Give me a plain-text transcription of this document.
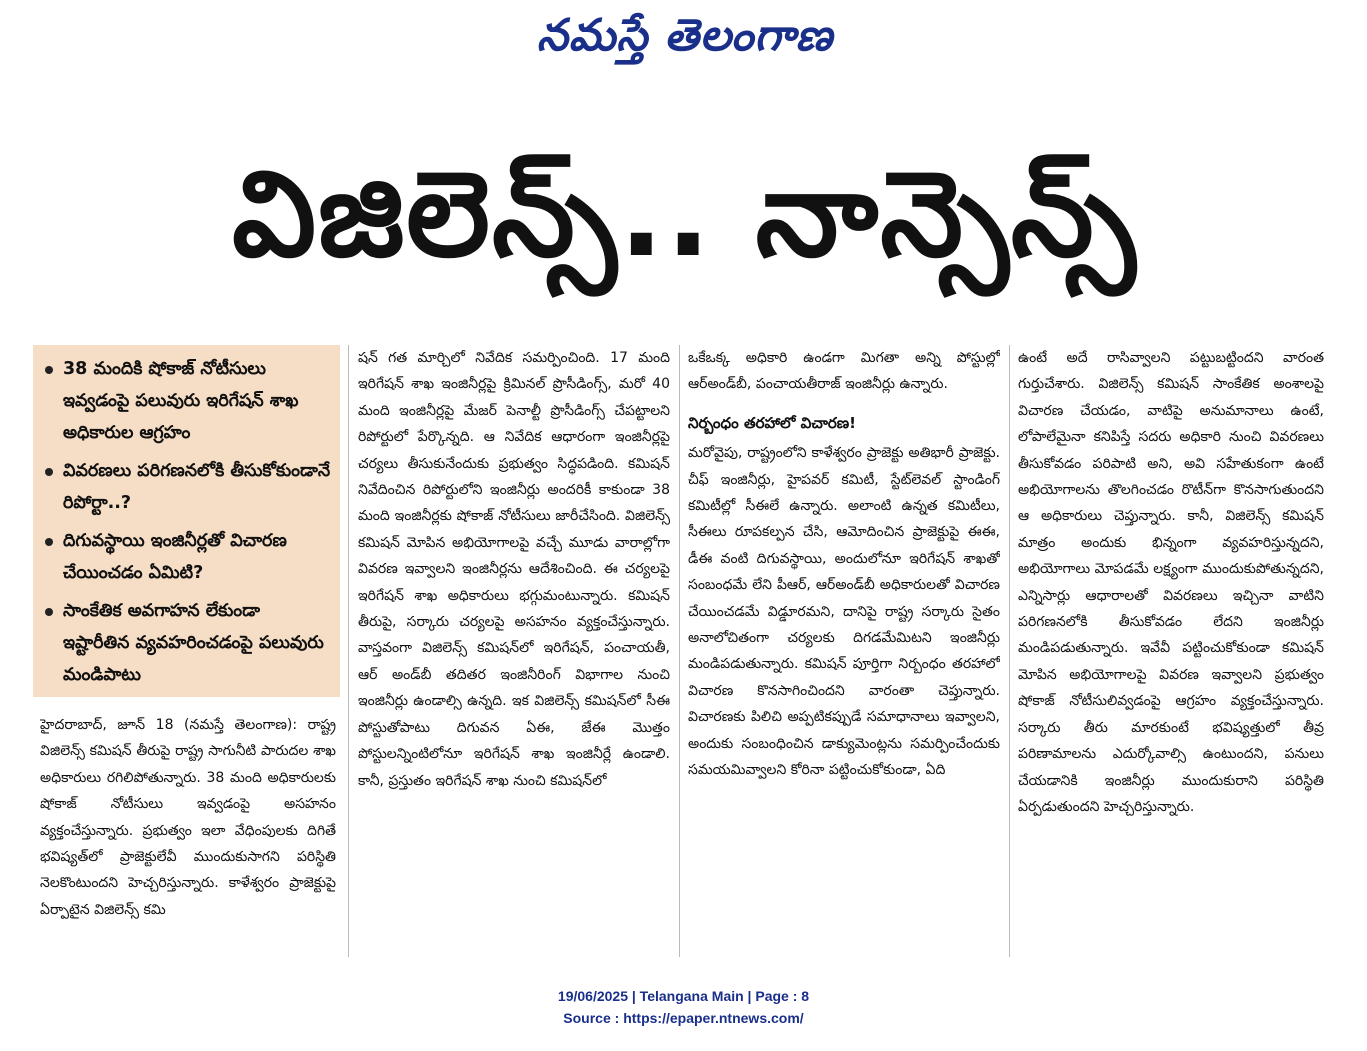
నమస్తే తెలంగాణ
విజిలెన్స్.. నాన్సెన్స్
38 మందికి షోకాజ్ నోటీసులు ఇవ్వడంపై పలువురు ఇరిగేషన్ శాఖ అధికారుల ఆగ్రహం
వివరణలు పరిగణనలోకి తీసుకోకుండానే రిపోర్టా..?
దిగువస్థాయి ఇంజినీర్లతో విచారణ చేయించడం ఏమిటి?
సాంకేతిక అవగాహన లేకుండా ఇష్టారీతిన వ్యవహరించడంపై పలువురు మండిపాటు

హైదరాబాద్, జూన్ 18 (నమస్తే తెలంగాణ): రాష్ట్ర విజిలెన్స్ కమిషన్ తీరుపై రాష్ట్ర సాగునీటి పారుదల శాఖ అధికారులు రగిలిపోతున్నారు. 38 మంది అధికారులకు షోకాజ్ నోటీసులు ఇవ్వడంపై అసహనం వ్యక్తంచేస్తున్నారు. ప్రభుత్వం ఇలా వేధింపులకు దిగితే భవిష్యత్‌లో ప్రాజెక్టులేవీ ముందుకుసాగని పరిస్థితి నెలకొంటుందని హెచ్చరిస్తున్నారు. కాళేశ్వరం ప్రాజెక్టుపై ఏర్పాటైన విజిలెన్స్ కమి

షన్ గత మార్చిలో నివేదిక సమర్పించింది. 17 మంది ఇరిగేషన్ శాఖ ఇంజినీర్లపై క్రిమినల్ ప్రొసీడింగ్స్, మరో 40 మంది ఇంజినీర్లపై మేజర్ పెనాల్టీ ప్రొసీడింగ్స్ చేపట్టాలని రిపోర్టులో పేర్కొన్నది. ఆ నివేదిక ఆధారంగా ఇంజినీర్లపై చర్యలు తీసుకునేందుకు ప్రభుత్వం సిద్ధపడింది. కమిషన్ నివేదించిన రిపోర్టులోని ఇంజినీర్లు అందరికీ కాకుండా 38 మంది ఇంజినీర్లకు షోకాజ్ నోటీసులు జారీచేసింది. విజిలెన్స్ కమిషన్ మోపిన అభియోగాలపై వచ్చే మూడు వారాల్లోగా వివరణ ఇవ్వాలని ఇంజినీర్లను ఆదేశించింది. ఈ చర్యలపై ఇరిగేషన్ శాఖ అధికారులు భగ్గుమంటున్నారు. కమిషన్ తీరుపై, సర్కారు చర్యలపై అసహనం వ్యక్తంచేస్తున్నారు. వాస్తవంగా విజిలెన్స్ కమిషన్‌లో ఇరిగేషన్, పంచాయతీ, ఆర్ అండ్‌బీ తదితర ఇంజినీరింగ్ విభాగాల నుంచి ఇంజినీర్లు ఉండాల్సి ఉన్నది. ఇక విజిలెన్స్ కమిషన్‌లో సీఈ పోస్టుతోపాటు దిగువన ఏఈ, జేఈ మొత్తం పోస్టులన్నింటిలోనూ ఇరిగేషన్ శాఖ ఇంజినీర్లే ఉండాలి. కానీ, ప్రస్తుతం ఇరిగేషన్ శాఖ నుంచి కమిషన్‌లో

ఒకేఒక్క అధికారి ఉండగా మిగతా అన్ని పోస్టుల్లో ఆర్అండ్‌బీ, పంచాయతీరాజ్ ఇంజినీర్లు ఉన్నారు.

నిర్బంధం తరహాలో విచారణ!

మరోవైపు, రాష్ట్రంలోని కాళేశ్వరం ప్రాజెక్టు అతిభారీ ప్రాజెక్టు. చీఫ్ ఇంజినీర్లు, హైపవర్ కమిటీ, స్టేట్‌లెవల్ స్టాండింగ్ కమిటీల్లో సీఈలే ఉన్నారు. అలాంటి ఉన్నత కమిటీలు, సీఈలు రూపకల్పన చేసి, ఆమోదించిన ప్రాజెక్టుపై ఈఈ, డీఈ వంటి దిగువస్థాయి, అందులోనూ ఇరిగేషన్ శాఖతో సంబంధమే లేని పీఆర్, ఆర్అండ్‌బీ అధికారులతో విచారణ చేయించడమే విడ్డూరమని, దానిపై రాష్ట్ర సర్కారు సైతం అనాలోచితంగా చర్యలకు దిగడమేమిటని ఇంజినీర్లు మండిపడుతున్నారు. కమిషన్ పూర్తిగా నిర్బంధం తరహాలో విచారణ కొనసాగించిందని వారంతా చెప్తున్నారు. విచారణకు పిలిచి అప్పటికప్పుడే సమాధానాలు ఇవ్వాలని, అందుకు సంబంధించిన డాక్యుమెంట్లను సమర్పించేందుకు సమయమివ్వాలని కోరినా పట్టించుకోకుండా, ఏది

ఉంటే అదే రాసివ్వాలని పట్టుబట్టిందని వారంత గుర్తుచేశారు. విజిలెన్స్ కమిషన్ సాంకేతిక అంశాలపై విచారణ చేయడం, వాటిపై అనుమానాలు ఉంటే, లోపాలేమైనా కనిపిస్తే సదరు అధికారి నుంచి వివరణలు తీసుకోవడం పరిపాటి అని, అవి సహేతుకంగా ఉంటే అభియోగాలను తొలగించడం రొటీన్‌గా కొనసాగుతుందని ఆ అధికారులు చెప్తున్నారు. కానీ, విజిలెన్స్ కమిషన్ మాత్రం అందుకు భిన్నంగా వ్యవహరిస్తున్నదని, అభియోగాలు మోపడమే లక్ష్యంగా ముందుకుపోతున్నదని, ఎన్నిసార్లు ఆధారాలతో వివరణలు ఇచ్చినా వాటిని పరిగణనలోకి తీసుకోవడం లేదని ఇంజినీర్లు మండిపడుతున్నారు. ఇవేవీ పట్టించుకోకుండా కమిషన్ మోపిన అభియోగాలపై వివరణ ఇవ్వాలని ప్రభుత్వం షోకాజ్ నోటీసులివ్వడంపై ఆగ్రహం వ్యక్తంచేస్తున్నారు. సర్కారు తీరు మారకుంటే భవిష్యత్తులో తీవ్ర పరిణామాలను ఎదుర్కోవాల్సి ఉంటుందని, పనులు చేయడానికి ఇంజినీర్లు ముందుకురాని పరిస్థితి ఏర్పడుతుందని హెచ్చరిస్తున్నారు.

19/06/2025 | Telangana Main | Page : 8
Source : https://epaper.ntnews.com/
